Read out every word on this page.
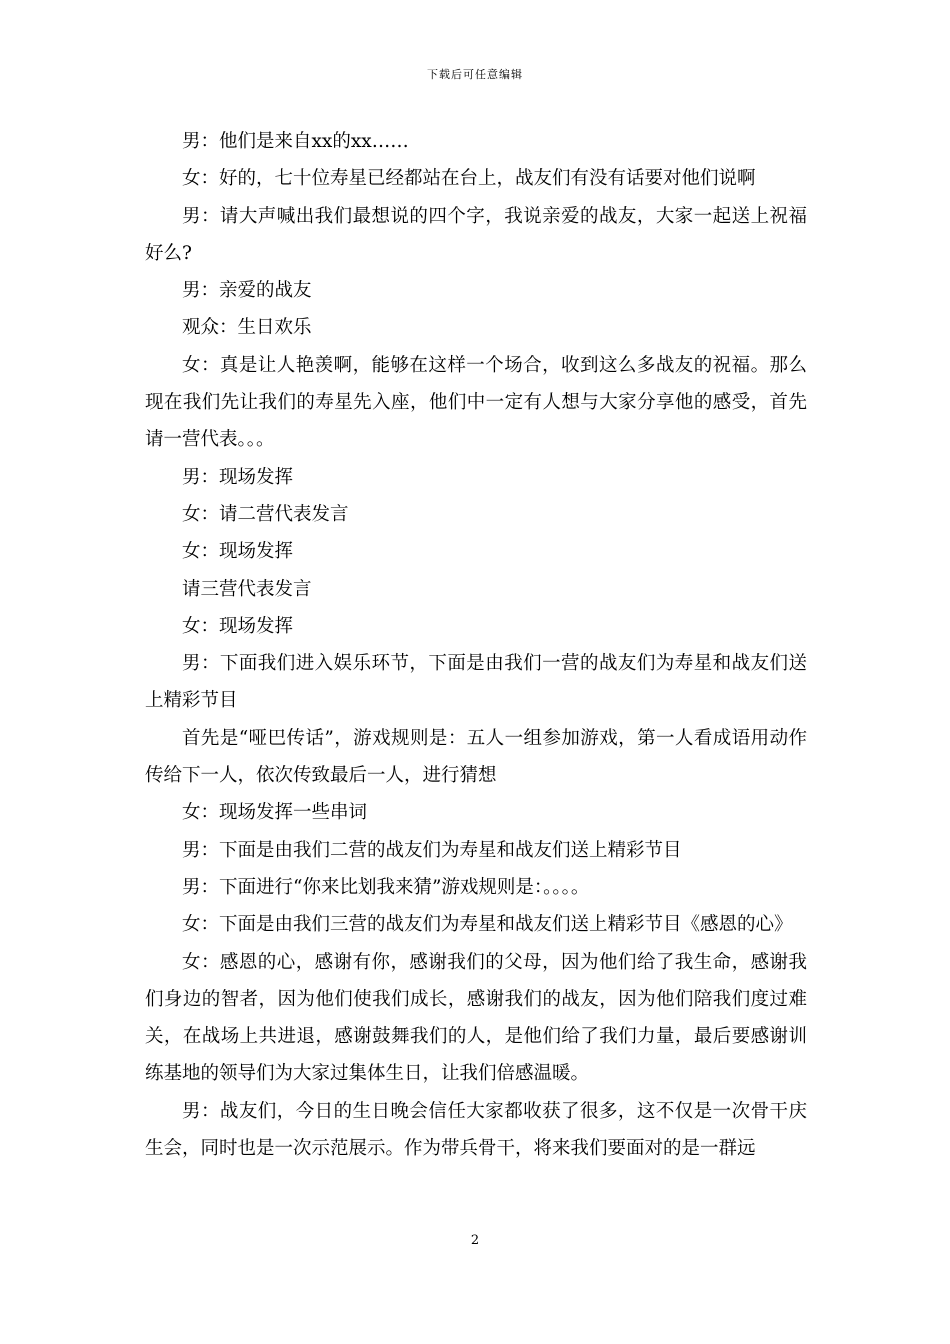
下载后可任意编辑

男：他们是来自xx的xx……

女：好的，七十位寿星已经都站在台上，战友们有没有话要对他们说啊

男：请大声喊出我们最想说的四个字，我说亲爱的战友，大家一起送上祝福好么?

男：亲爱的战友

观众：生日欢乐

女：真是让人艳羡啊，能够在这样一个场合，收到这么多战友的祝福。那么现在我们先让我们的寿星先入座，他们中一定有人想与大家分享他的感受，首先请一营代表。。。

男：现场发挥

女：请二营代表发言

女：现场发挥

请三营代表发言

女：现场发挥

男：下面我们进入娱乐环节，下面是由我们一营的战友们为寿星和战友们送上精彩节目

首先是“哑巴传话”，游戏规则是：五人一组参加游戏，第一人看成语用动作传给下一人，依次传致最后一人，进行猜想

女：现场发挥一些串词

男：下面是由我们二营的战友们为寿星和战友们送上精彩节目

男：下面进行“你来比划我来猜”游戏规则是：。。。。

女：下面是由我们三营的战友们为寿星和战友们送上精彩节目《感恩的心》

女：感恩的心，感谢有你，感谢我们的父母，因为他们给了我生命，感谢我们身边的智者，因为他们使我们成长，感谢我们的战友，因为他们陪我们度过难关，在战场上共进退，感谢鼓舞我们的人，是他们给了我们力量，最后要感谢训练基地的领导们为大家过集体生日，让我们倍感温暖。

男：战友们，今日的生日晚会信任大家都收获了很多，这不仅是一次骨干庆生会，同时也是一次示范展示。作为带兵骨干，将来我们要面对的是一群远

2
